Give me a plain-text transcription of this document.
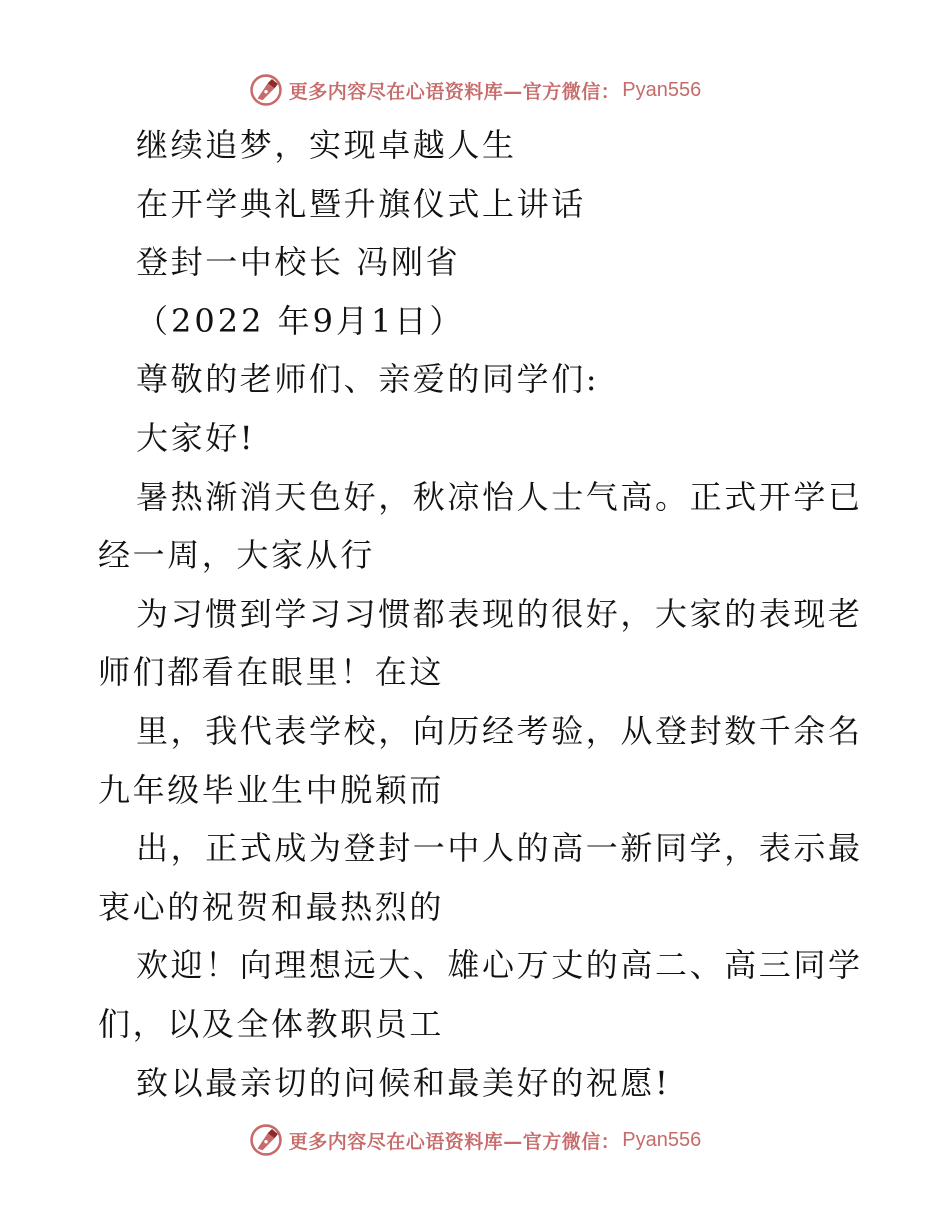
更多内容尽在心语资料库—官方微信： Pyan556
继续追梦，实现卓越人生
在开学典礼暨升旗仪式上讲话
登封一中校长 冯刚省
（2022 年9月1日）
尊敬的老师们、亲爱的同学们:
大家好!
暑热渐消天色好，秋凉怡人士气高。正式开学已
经一周，大家从行
为习惯到学习习惯都表现的很好，大家的表现老
师们都看在眼里！在这
里，我代表学校，向历经考验，从登封数千余名
九年级毕业生中脱颖而
出，正式成为登封一中人的高一新同学，表示最
衷心的祝贺和最热烈的
欢迎！向理想远大、雄心万丈的高二、高三同学
们，以及全体教职员工
致以最亲切的问候和最美好的祝愿!
更多内容尽在心语资料库—官方微信： Pyan556
